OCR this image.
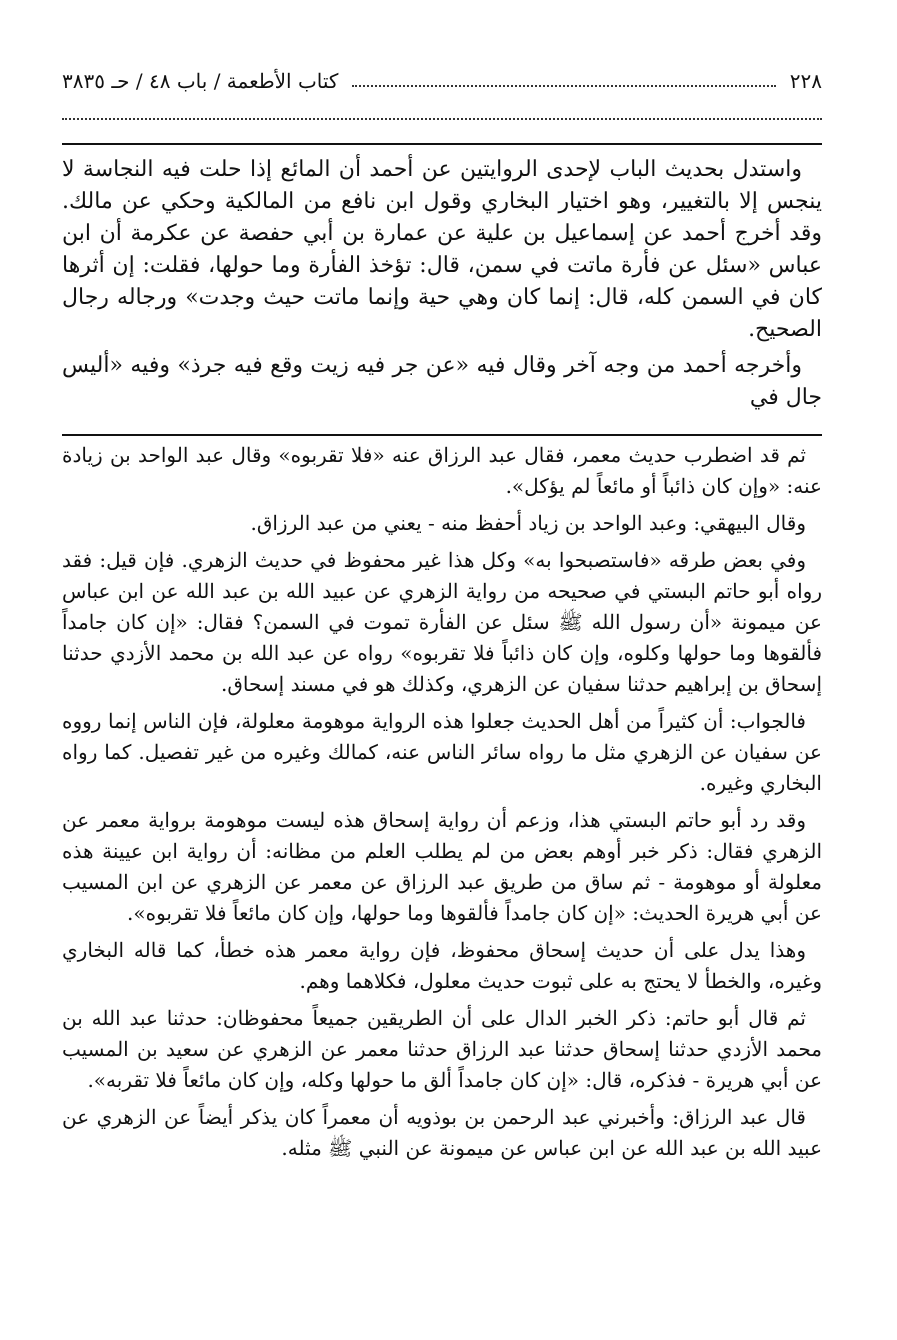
كتاب الأطعمة / باب ٤٨ / حـ ٣٨٣٥	٢٢٨

واستدل بحديث الباب لإحدى الروايتين عن أحمد أن المائع إذا حلت فيه النجاسة لا ينجس إلا بالتغيير، وهو اختيار البخاري وقول ابن نافع من المالكية وحكي عن مالك. وقد أخرج أحمد عن إسماعيل بن علية عن عمارة بن أبي حفصة عن عكرمة أن ابن عباس «سئل عن فأرة ماتت في سمن، قال: تؤخذ الفأرة وما حولها، فقلت: إن أثرها كان في السمن كله، قال: إنما كان وهي حية وإنما ماتت حيث وجدت» ورجاله رجال الصحيح.

وأخرجه أحمد من وجه آخر وقال فيه «عن جر فيه زيت وقع فيه جرذ» وفيه «أليس جال في

ثم قد اضطرب حديث معمر، فقال عبد الرزاق عنه «فلا تقربوه» وقال عبد الواحد بن زيادة عنه: «وإن كان ذائباً أو مائعاً لم يؤكل».

وقال البيهقي: وعبد الواحد بن زياد أحفظ منه - يعني من عبد الرزاق.

وفي بعض طرقه «فاستصبحوا به» وكل هذا غير محفوظ في حديث الزهري. فإن قيل: فقد رواه أبو حاتم البستي في صحيحه من رواية الزهري عن عبيد الله بن عبد الله عن ابن عباس عن ميمونة «أن رسول الله ﷺ سئل عن الفأرة تموت في السمن؟ فقال: «إن كان جامداً فألقوها وما حولها وكلوه، وإن كان ذائباً فلا تقربوه» رواه عن عبد الله بن محمد الأزدي حدثنا إسحاق بن إبراهيم حدثنا سفيان عن الزهري، وكذلك هو في مسند إسحاق.

فالجواب: أن كثيراً من أهل الحديث جعلوا هذه الرواية موهومة معلولة، فإن الناس إنما رووه عن سفيان عن الزهري مثل ما رواه سائر الناس عنه، كمالك وغيره من غير تفصيل. كما رواه البخاري وغيره.

وقد رد أبو حاتم البستي هذا، وزعم أن رواية إسحاق هذه ليست موهومة برواية معمر عن الزهري فقال: ذكر خبر أوهم بعض من لم يطلب العلم من مظانه: أن رواية ابن عيينة هذه معلولة أو موهومة - ثم ساق من طريق عبد الرزاق عن معمر عن الزهري عن ابن المسيب عن أبي هريرة الحديث: «إن كان جامداً فألقوها وما حولها، وإن كان مائعاً فلا تقربوه».

وهذا يدل على أن حديث إسحاق محفوظ، فإن رواية معمر هذه خطأ، كما قاله البخاري وغيره، والخطأ لا يحتج به على ثبوت حديث معلول، فكلاهما وهم.

ثم قال أبو حاتم: ذكر الخبر الدال على أن الطريقين جميعاً محفوظان: حدثنا عبد الله بن محمد الأزدي حدثنا إسحاق حدثنا عبد الرزاق حدثنا معمر عن الزهري عن سعيد بن المسيب عن أبي هريرة - فذكره، قال: «إن كان جامداً ألق ما حولها وكله، وإن كان مائعاً فلا تقربه».

قال عبد الرزاق: وأخبرني عبد الرحمن بن بوذويه أن معمراً كان يذكر أيضاً عن الزهري عن عبيد الله بن عبد الله عن ابن عباس عن ميمونة عن النبي ﷺ مثله.
